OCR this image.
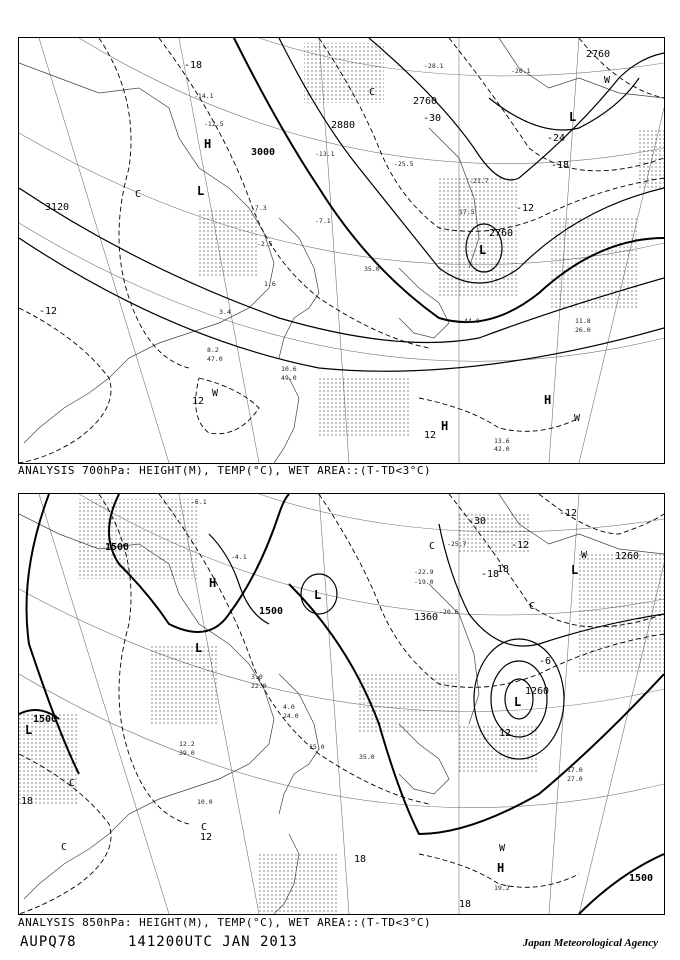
H
L
L
L
H
H
W
W
W
C
C
3000
3120
2760
2760
2760
2880
-12
-18
-24
-30
-12
12
12
-18
-14.1
-12.5
-13.1
-7.3
-7.1
-2.5
1.6
3.4
8.2
10.6
11.8
13.6
-28.1
-26.1
-25.5
-21.7
17.5
26.0
42.0
49.0
35.0
47.0
44.0
ANALYSIS 700hPa: HEIGHT(M), TEMP(°C), WET AREA::(T-TD<3°C)
H
L
L
L
L
L
H
W
W
C
C
C
C
C
1500
1500
1500
1260
1360
1260
1500
-12
-12
-30
-18
18
12
18
18
18
12
-6
-6.1
-4.1
-19.0
-22.9
-20.6
-25.7
3.0
4.0
12.2
10.0
17.0
19.2
27.0
22.0
24.0
39.0	35.0
15.0
ANALYSIS 850hPa: HEIGHT(M), TEMP(°C), WET AREA::(T-TD<3°C)
AUPQ78	141200UTC JAN 2013	Japan Meteorological Agency
